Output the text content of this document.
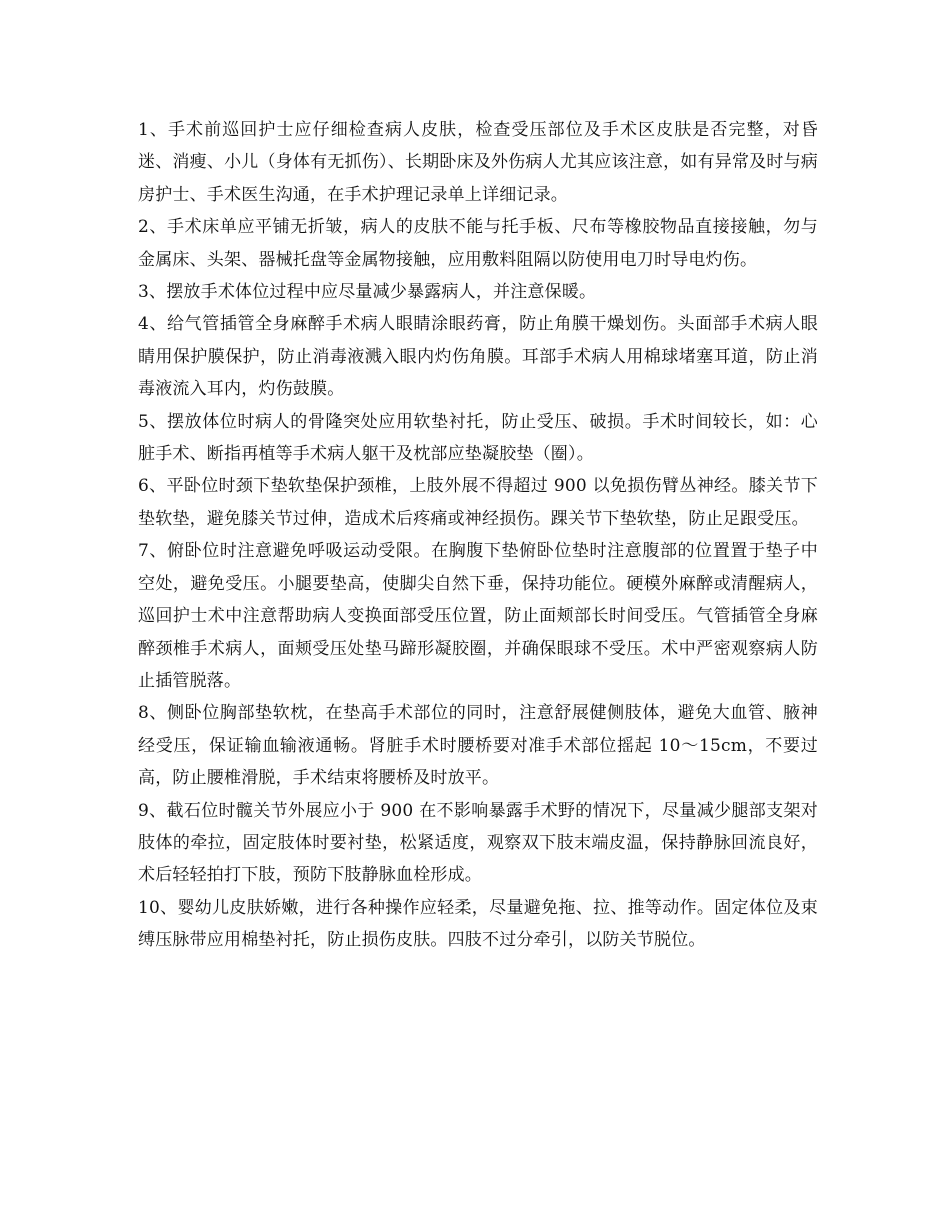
1、手术前巡回护士应仔细检查病人皮肤，检查受压部位及手术区皮肤是否完整，对昏迷、消瘦、小儿（身体有无抓伤）、长期卧床及外伤病人尤其应该注意，如有异常及时与病房护士、手术医生沟通，在手术护理记录单上详细记录。

2、手术床单应平铺无折皱，病人的皮肤不能与托手板、尺布等橡胶物品直接接触，勿与金属床、头架、器械托盘等金属物接触，应用敷料阻隔以防使用电刀时导电灼伤。

3、摆放手术体位过程中应尽量减少暴露病人，并注意保暖。

4、给气管插管全身麻醉手术病人眼睛涂眼药膏，防止角膜干燥划伤。头面部手术病人眼睛用保护膜保护，防止消毒液溅入眼内灼伤角膜。耳部手术病人用棉球堵塞耳道，防止消毒液流入耳内，灼伤鼓膜。

5、摆放体位时病人的骨隆突处应用软垫衬托，防止受压、破损。手术时间较长，如：心脏手术、断指再植等手术病人躯干及枕部应垫凝胶垫（圈）。

6、平卧位时颈下垫软垫保护颈椎，上肢外展不得超过 900 以免损伤臂丛神经。膝关节下垫软垫，避免膝关节过伸，造成术后疼痛或神经损伤。踝关节下垫软垫，防止足跟受压。

7、俯卧位时注意避免呼吸运动受限。在胸腹下垫俯卧位垫时注意腹部的位置置于垫子中空处，避免受压。小腿要垫高，使脚尖自然下垂，保持功能位。硬模外麻醉或清醒病人，巡回护士术中注意帮助病人变换面部受压位置，防止面颊部长时间受压。气管插管全身麻醉颈椎手术病人，面颊受压处垫马蹄形凝胶圈，并确保眼球不受压。术中严密观察病人防止插管脱落。

8、侧卧位胸部垫软枕，在垫高手术部位的同时，注意舒展健侧肢体，避免大血管、腋神经受压，保证输血输液通畅。肾脏手术时腰桥要对准手术部位摇起 10～15cm，不要过高，防止腰椎滑脱，手术结束将腰桥及时放平。

9、截石位时髋关节外展应小于 900 在不影响暴露手术野的情况下，尽量减少腿部支架对肢体的牵拉，固定肢体时要衬垫，松紧适度，观察双下肢末端皮温，保持静脉回流良好，术后轻轻拍打下肢，预防下肢静脉血栓形成。

10、婴幼儿皮肤娇嫩，进行各种操作应轻柔，尽量避免拖、拉、推等动作。固定体位及束缚压脉带应用棉垫衬托，防止损伤皮肤。四肢不过分牵引，以防关节脱位。
